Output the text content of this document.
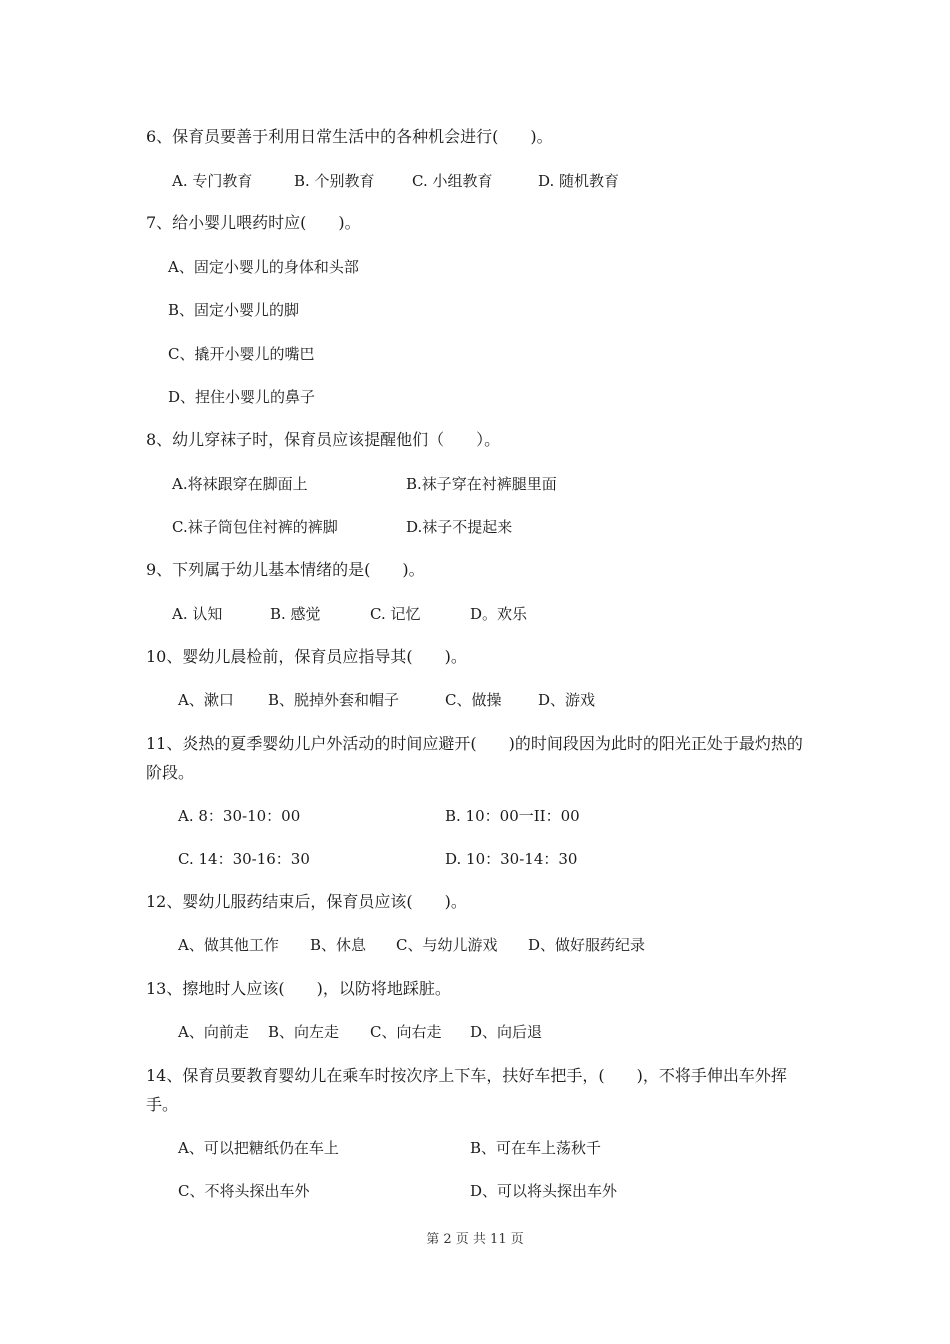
6、保育员要善于利用日常生活中的各种机会进行(　　)。
A. 专门教育	B. 个别教育 C. 小组教育	D. 随机教育
7、给小婴儿喂药时应(　　)。
A、固定小婴儿的身体和头部
B、固定小婴儿的脚
C、撬开小婴儿的嘴巴
D、捏住小婴儿的鼻子
8、幼儿穿袜子时，保育员应该提醒他们（　　）。
A.将袜跟穿在脚面上	B.袜子穿在衬裤腿里面
C.袜子筒包住衬裤的裤脚	D.袜子不提起来
9、下列属于幼儿基本情绪的是(　　)。
A. 认知	B. 感觉	C. 记忆	D。欢乐
10、婴幼儿晨检前，保育员应指导其(　　)。
A、漱口 B、脱掉外套和帽子	C、做操 D、游戏
11、炎热的夏季婴幼儿户外活动的时间应避开(　　)的时间段因为此时的阳光正处于最灼热的阶段。
A. 8：30-10：00	B. 10：00一II：00
C. 14：30-16：30	D. 10：30-14：30
12、婴幼儿服药结束后，保育员应该(　　)。
A、做其他工作 B、休息 C、与幼儿游戏 D、做好服药纪录
13、擦地时人应该(　　)，以防将地踩脏。
A、向前走 B、向左走 C、向右走 D、向后退
14、保育员要教育婴幼儿在乘车时按次序上下车，扶好车把手，(　　)，不将手伸出车外挥手。
A、可以把糖纸仍在车上	B、可在车上荡秋千
C、不将头探出车外	D、可以将头探出车外
第 2 页 共 11 页
